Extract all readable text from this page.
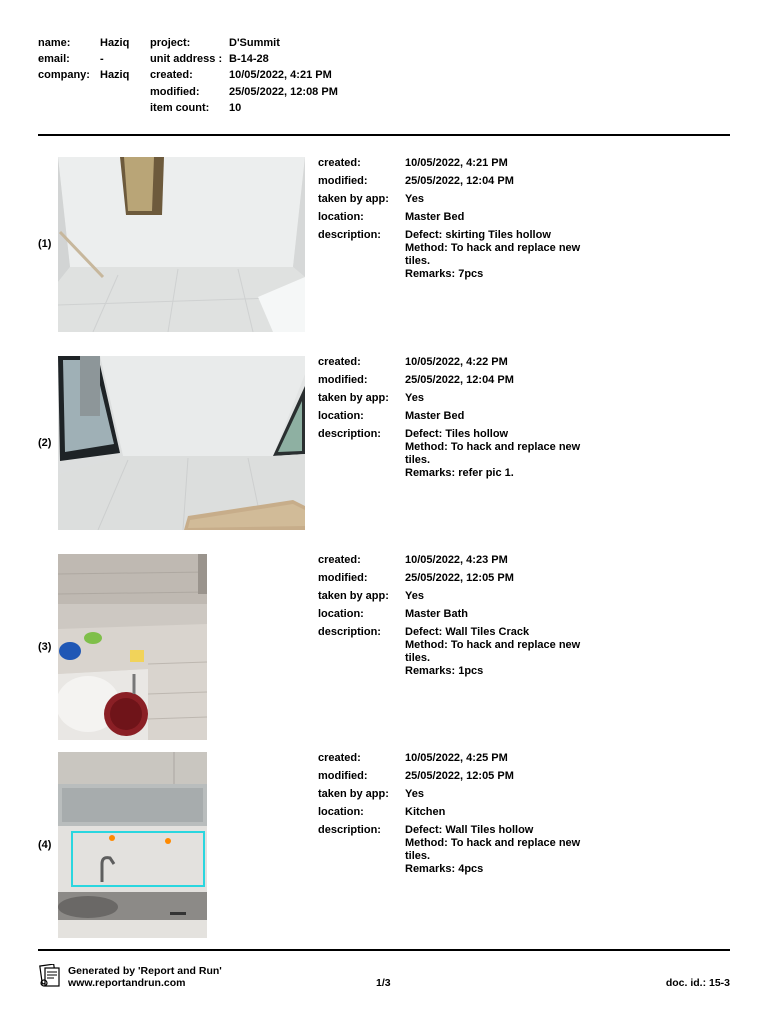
name:	Haziq
email:	-
company: Haziq
project:	D'Summit
unit address : B-14-28
created:	10/05/2022, 4:21 PM
modified:	25/05/2022, 12:08 PM
item count: 10
(1)
created:	10/05/2022, 4:21 PM
modified:	25/05/2022, 12:04 PM
taken by app: Yes
location:	Master Bed
description: Defect: skirting Tiles hollow
Method: To hack and replace new
tiles.
Remarks: 7pcs
(2)
created:	10/05/2022, 4:22 PM
modified:	25/05/2022, 12:04 PM
taken by app: Yes
location:	Master Bed
description: Defect: Tiles hollow
Method: To hack and replace new
tiles.
Remarks: refer pic 1.
(3)
created:	10/05/2022, 4:23 PM
modified:	25/05/2022, 12:05 PM
taken by app: Yes
location:	Master Bath
description: Defect: Wall Tiles Crack
Method: To hack and replace new
tiles.
Remarks: 1pcs
(4)
created:	10/05/2022, 4:25 PM
modified:	25/05/2022, 12:05 PM
taken by app: Yes
location:	Kitchen
description: Defect: Wall Tiles hollow
Method: To hack and replace new
tiles.
Remarks: 4pcs
Generated by 'Report and Run'
www.reportandrun.com	1/3	doc. id.: 15-3
